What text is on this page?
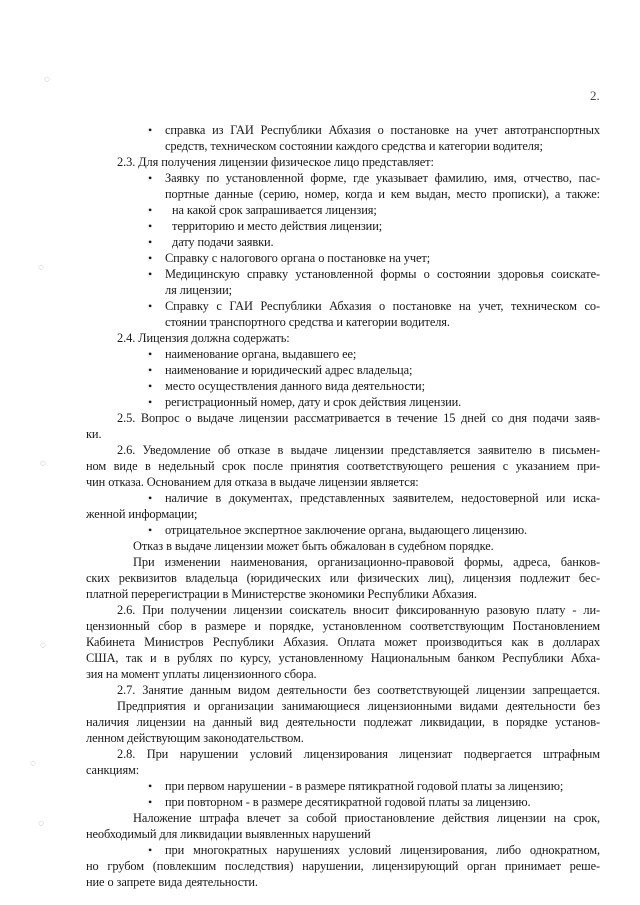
2.
◌
◌
◌
◌
◌
◌
• справка из ГАИ Республики Абхазия о постановке на учет автотранспортных
средств, техническом состоянии каждого средства и категории водителя;
2.3. Для получения лицензии физическое лицо представляет:
• Заявку по установленной форме, где указывает фамилию, имя, отчество, пас-
портные данные (серию, номер, когда и кем выдан, место прописки), а также:
• на какой срок запрашивается лицензия;
• территорию и место действия лицензии;
• дату подачи заявки.
• Справку с налогового органа о постановке на учет;
• Медицинскую справку установленной формы о состоянии здоровья соискате-
ля лицензии;
• Справку с ГАИ Республики Абхазия о постановке на учет, техническом со-
стоянии транспортного средства и категории водителя.
2.4. Лицензия должна содержать:
• наименование органа, выдавшего ее;
• наименование и юридический адрес владельца;
• место осуществления данного вида деятельности;
• регистрационный номер, дату и срок действия лицензии.
2.5. Вопрос о выдаче лицензии рассматривается в течение 15 дней со дня подачи заяв-
ки.
2.6. Уведомление об отказе в выдаче лицензии представляется заявителю в письмен-
ном виде в недельный срок после принятия соответствующего решения с указанием при-
чин отказа. Основанием для отказа в выдаче лицензии является:
• наличие в документах, представленных заявителем, недостоверной или иска-
женной информации;
• отрицательное экспертное заключение органа, выдающего лицензию.
Отказ в выдаче лицензии может быть обжалован в судебном порядке.
При изменении наименования, организационно-правовой формы, адреса, банков-
ских реквизитов владельца (юридических или физических лиц), лицензия подлежит бес-
платной перерегистрации в Министерстве экономики Республики Абхазия.
2.6. При получении лицензии соискатель вносит фиксированную разовую плату - ли-
цензионный сбор в размере и порядке, установленном соответствующим Постановлением
Кабинета Министров Республики Абхазия. Оплата может производиться как в долларах
США, так и в рублях по курсу, установленному Национальным банком Республики Абха-
зия на момент уплаты лицензионного сбора.
2.7. Занятие данным видом деятельности без соответствующей лицензии запрещается.
Предприятия и организации занимающиеся лицензионными видами деятельности без
наличия лицензии на данный вид деятельности подлежат ликвидации, в порядке установ-
ленном действующим законодательством.
2.8. При нарушении условий лицензирования лицензиат подвергается штрафным
санкциям:
• при первом нарушении - в размере пятикратной годовой платы за лицензию;
• при повторном - в размере десятикратной годовой платы за лицензию.
Наложение штрафа влечет за собой приостановление действия лицензии на срок,
необходимый для ликвидации выявленных нарушений
• при многократных нарушениях условий лицензирования, либо однократном,
но грубом (повлекшим последствия) нарушении, лицензирующий орган принимает реше-
ние о запрете вида деятельности.
